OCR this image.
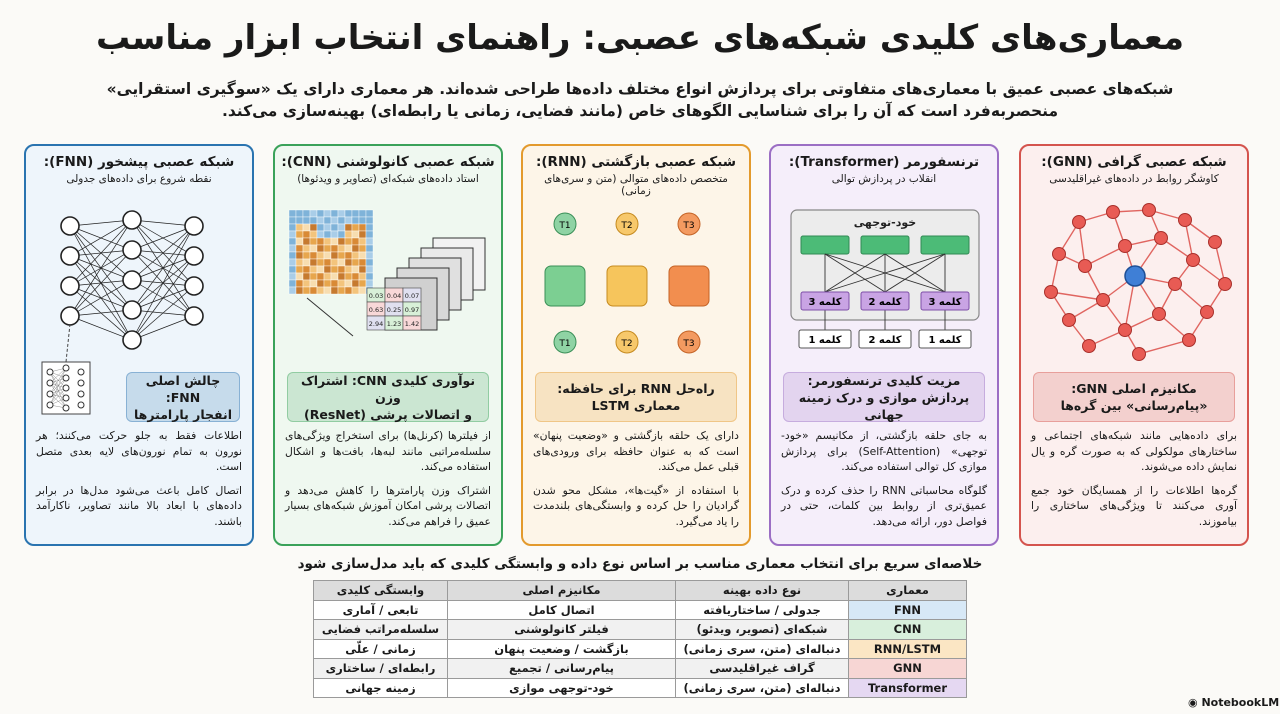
معماری‌های کلیدی شبکه‌های عصبی: راهنمای انتخاب ابزار مناسب

شبکه‌های عصبی عمیق با معماری‌های متفاوتی برای پردازش انواع مختلف داده‌ها طراحی شده‌اند. هر معماری دارای یک «سوگیری استقرایی»

منحصربه‌فرد است که آن را برای شناسایی الگوهای خاص (مانند فضایی، زمانی یا رابطه‌ای) بهینه‌سازی می‌کند.

شبکه عصبی گرافی (GNN):
کاوشگر روابط در داده‌های غیراقلیدسی
مکانیزم اصلی GNN:
«پیام‌رسانی» بین گره‌ها

برای داده‌هایی مانند شبکه‌های اجتماعی و ساختارهای مولکولی که به صورت گره و یال نمایش داده می‌شوند.

گره‌ها اطلاعات را از همسایگان خود جمع آوری می‌کنند تا ویژگی‌های ساختاری را بیاموزند.

ترنسفورمر (Transformer):
انقلاب در پردازش توالی
خود-توجهی
کلمه 3	کلمه 2	کلمه 3
کلمه 1	کلمه 2	کلمه 1
مزیت کلیدی ترنسفورمر:
پردازش موازی و درک زمینه جهانی

به جای حلقه بازگشتی، از مکانیسم «خود-توجهی» (Self-Attention) برای پردازش موازی کل توالی استفاده می‌کند.

گلوگاه محاسباتی RNN را حذف کرده و درک عمیق‌تری از روابط بین کلمات، حتی در فواصل دور، ارائه می‌دهد.

شبکه عصبی بازگشتی (RNN):
متخصص داده‌های متوالی (متن و سری‌های زمانی)
T1	T2	T3
T1	T2	T3
راه‌حل RNN برای حافظه:
معماری LSTM

دارای یک حلقه بازگشتی و «وضعیت پنهان» است که به عنوان حافظه برای ورودی‌های قبلی عمل می‌کند.

با استفاده از «گیت‌ها»، مشکل محو شدن گرادیان را حل کرده و وابستگی‌های بلندمدت را یاد می‌گیرد.

شبکه عصبی کانولوشنی (CNN):
استاد داده‌های شبکه‌ای (تصاویر و ویدئوها)
0.03 0.04 0.07
0.63 0.25 0.97
2.94 1.23 1.42
نوآوری کلیدی CNN: اشتراک وزن
و اتصالات پرشی (ResNet)

از فیلترها (کرنل‌ها) برای استخراج ویژگی‌های سلسله‌مراتبی مانند لبه‌ها، بافت‌ها و اشکال استفاده می‌کند.

اشتراک وزن پارامترها را کاهش می‌دهد و اتصالات پرشی امکان آموزش شبکه‌های بسیار عمیق را فراهم می‌کند.

شبکه عصبی پیشخور (FNN):
نقطه شروع برای داده‌های جدولی
چالش اصلی FNN:
انفجار پارامترها

اطلاعات فقط به جلو حرکت می‌کنند؛ هر نورون به تمام نورون‌های لایه بعدی متصل است.

اتصال کامل باعث می‌شود مدل‌ها در برابر داده‌های با ابعاد بالا مانند تصاویر، ناکارآمد باشند.

خلاصه‌ای سریع برای انتخاب معماری مناسب بر اساس نوع داده و وابستگی کلیدی که باید مدل‌سازی شود
معماری	نوع داده بهینه	مکانیزم اصلی	وابستگی کلیدی
FNN	جدولی / ساختاریافته	اتصال کامل	تابعی / آماری
CNN	شبکه‌ای (تصویر، ویدئو)	فیلتر کانولوشنی	سلسله‌مراتب فضایی
RNN/LSTM	دنباله‌ای (متن، سری زمانی)	بازگشت / وضعیت پنهان	زمانی / علّی
GNN	گراف غیراقلیدسی	پیام‌رسانی / تجمیع	رابطه‌ای / ساختاری
Transformer	دنباله‌ای (متن، سری زمانی)	خود-توجهی موازی	زمینه جهانی
◉ NotebookLM
